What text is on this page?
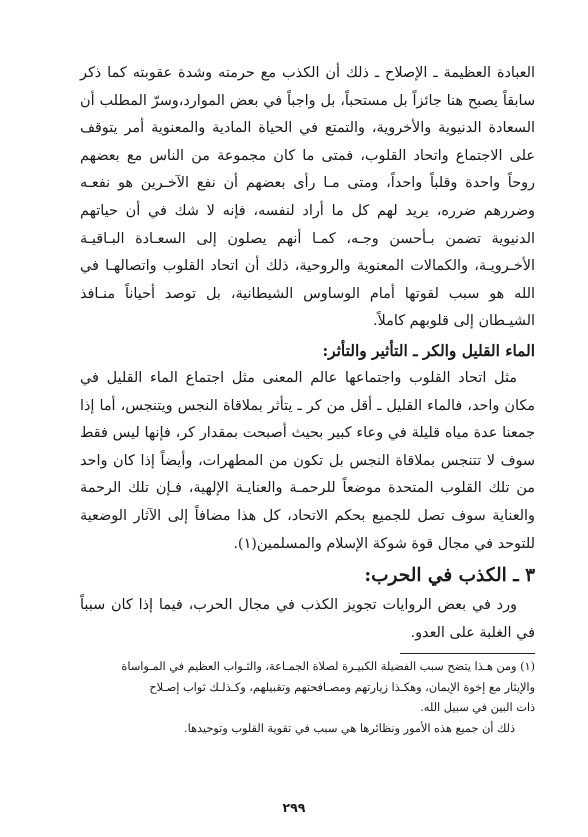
العبادة العظيمة ـ الإصلاح ـ ذلك أن الكذب مع حرمته وشدة عقوبته كما ذكر سابقاً يصبح هنا جائزاً بل مستحباً، بل واجباً في بعض الموارد،وسرّ المطلب أن السعادة الدنيوية والأخروية، والتمتع في الحياة المادية والمعنوية أمر يتوقف على الاجتماع واتحاد القلوب، فمتى ما كان مجموعة من الناس مع بعضهم روحاً واحدة وقلباً واحداً، ومتى مـا رأى بعضهم أن نفع الآخـرين هو نفعـه وضررهم ضرره، يريد لهم كل ما أراد لنفسه، فإنه لا شك في أن حياتهم الدنيوية تضمن بـأحسن وجـه، كمـا أنهم يصلون إلى السعـادة البـاقيـة الأخـرويـة، والكمالات المعنوية والروحية، ذلك أن اتحاد القلوب واتصالهـا في الله هو سبب لقوتها أمام الوساوس الشيطانية، بل توصد أحياناً منـافذ الشيـطان إلى قلوبهم كاملاً.

الماء القليل والكر ـ التأثير والتأثر:

مثل اتحاد القلوب واجتماعها عالم المعنى مثل اجتماع الماء القليل في مكان واحد، فالماء القليل ـ أقل من كر ـ يتأثر بملاقاة النجس ويتنجس، أما إذا جمعنا عدة مياه قليلة في وعاء كبير بحيث أصبحت بمقدار كر، فإنها ليس فقط سوف لا تتنجس بملاقاة النجس بل تكون من المطهرات، وأيضاً إذا كان واحد من تلك القلوب المتحدة موضعاً للرحمـة والعنايـة الإلهية، فـإن تلك الرحمة والعناية سوف تصل للجميع بحكم الاتحاد، كل هذا مضافاً إلى الآثار الوضعية للتوحد في مجال قوة شوكة الإسلام والمسلمين(١).

٣ ـ الكذب في الحرب:

ورد في بعض الروايات تجويز الكذب في مجال الحرب، فيما إذا كان سبباً في الغلبة على العدو.

(١) ومن هـذا يتضح سبب الفضيلة الكبيـرة لصلاة الجمـاعة، والثـواب العظيم في المـواساة

والإيثار مع إخوة الإيمان، وهكـذا زيارتهم ومصـافحتهم وتقبيلهم، وكـذلـك ثواب إصـلاح

ذات البين في سبيل الله.

ذلك أن جميع هذه الأمور ونظائرها هي سبب في تقوية القلوب وتوحيدها.

٢٩٩
